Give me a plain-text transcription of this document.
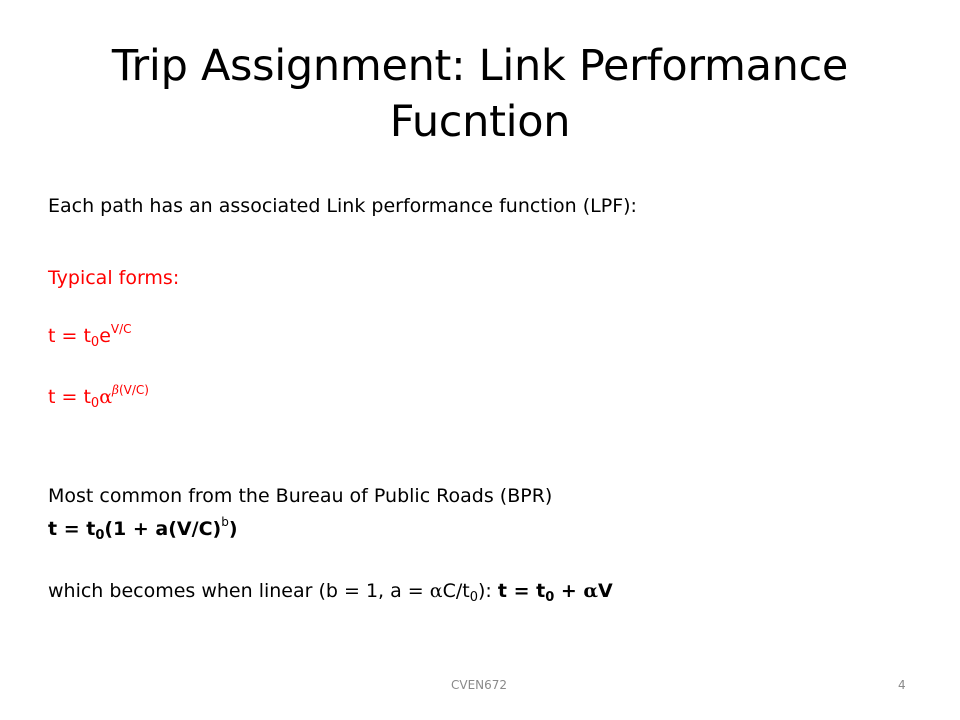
Trip Assignment: Link Performance Fucntion
Each path has an associated Link performance function (LPF):
Typical forms:
$t = t_0e^{V/C}$
$t = t_0\alpha^{\beta(V/C)}$
Most common from the Bureau of Public Roads (BPR)
$t = t_0(1 + a(V/C)^b)$
which becomes when linear (b = 1, $a = \alpha C/t_0$): $t = t_0 + \alpha V$
CVEN672	4
